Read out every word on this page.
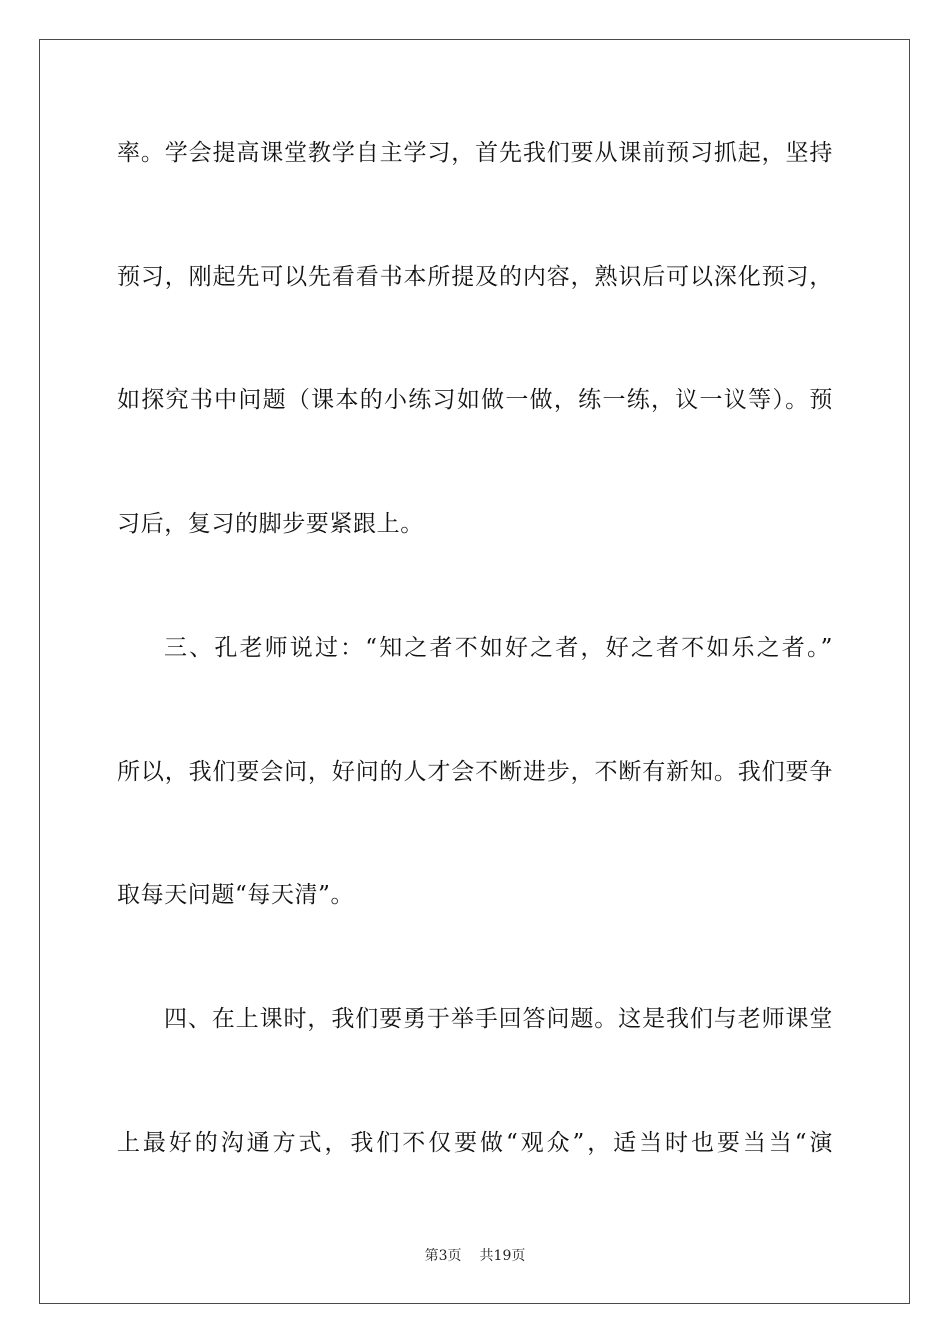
率。学会提高课堂教学自主学习，首先我们要从课前预习抓起，坚持
预习，刚起先可以先看看书本所提及的内容，熟识后可以深化预习，
如探究书中问题（课本的小练习如做一做，练一练，议一议等）。预
习后，复习的脚步要紧跟上。
三、孔老师说过：“知之者不如好之者，好之者不如乐之者。”
所以，我们要会问，好问的人才会不断进步，不断有新知。我们要争
取每天问题“每天清”。
四、在上课时，我们要勇于举手回答问题。这是我们与老师课堂
上最好的沟通方式，我们不仅要做“观众”，适当时也要当当“演
第3页 共19页
